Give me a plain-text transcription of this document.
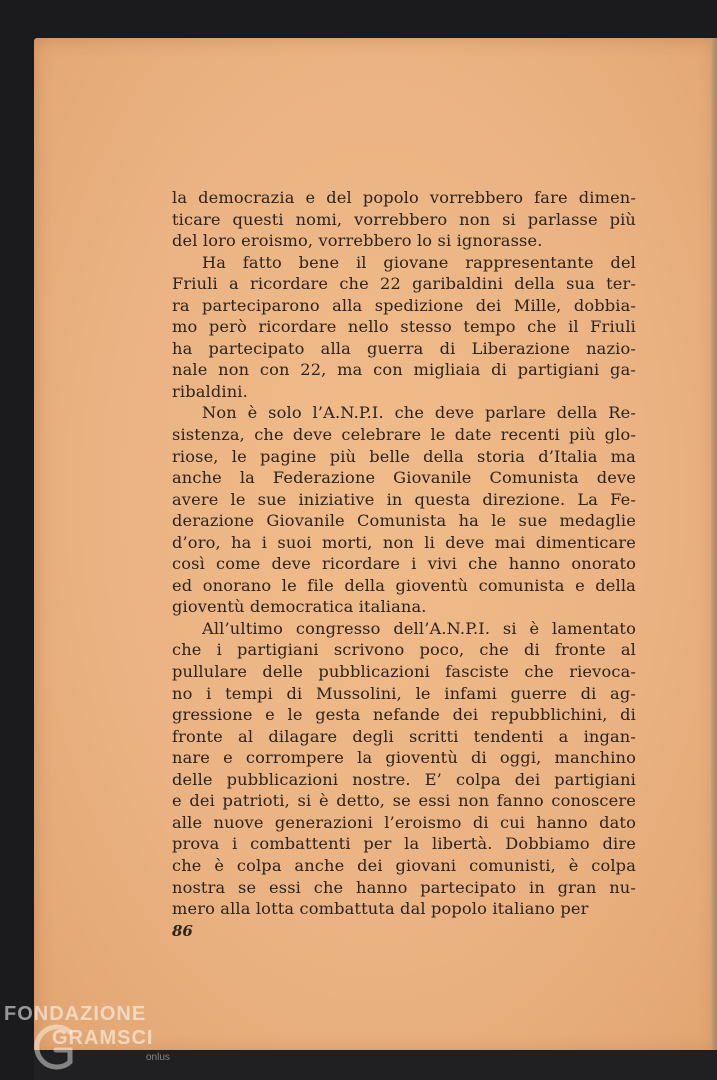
la democrazia e del popolo vorrebbero fare dimen-
ticare questi nomi, vorrebbero non si parlasse più
del loro eroismo, vorrebbero lo si ignorasse.
Ha fatto bene il giovane rappresentante del
Friuli a ricordare che 22 garibaldini della sua ter-
ra parteciparono alla spedizione dei Mille, dobbia-
mo però ricordare nello stesso tempo che il Friuli
ha partecipato alla guerra di Liberazione nazio-
nale non con 22, ma con migliaia di partigiani ga-
ribaldini.
Non è solo l’A.N.P.I. che deve parlare della Re-
sistenza, che deve celebrare le date recenti più glo-
riose, le pagine più belle della storia d’Italia ma
anche la Federazione Giovanile Comunista deve
avere le sue iniziative in questa direzione. La Fe-
derazione Giovanile Comunista ha le sue medaglie
d’oro, ha i suoi morti, non li deve mai dimenticare
così come deve ricordare i vivi che hanno onorato
ed onorano le file della gioventù comunista e della
gioventù democratica italiana.
All’ultimo congresso dell’A.N.P.I. si è lamentato
che i partigiani scrivono poco, che di fronte al
pullulare delle pubblicazioni fasciste che rievoca-
no i tempi di Mussolini, le infami guerre di ag-
gressione e le gesta nefande dei repubblichini, di
fronte al dilagare degli scritti tendenti a ingan-
nare e corrompere la gioventù di oggi, manchino
delle pubblicazioni nostre. E’ colpa dei partigiani
e dei patrioti, si è detto, se essi non fanno conoscere
alle nuove generazioni l’eroismo di cui hanno dato
prova i combattenti per la libertà. Dobbiamo dire
che è colpa anche dei giovani comunisti, è colpa
nostra se essi che hanno partecipato in gran nu-
mero alla lotta combattuta dal popolo italiano per
86
FONDAZIONE
GRAMSCI
onlus
